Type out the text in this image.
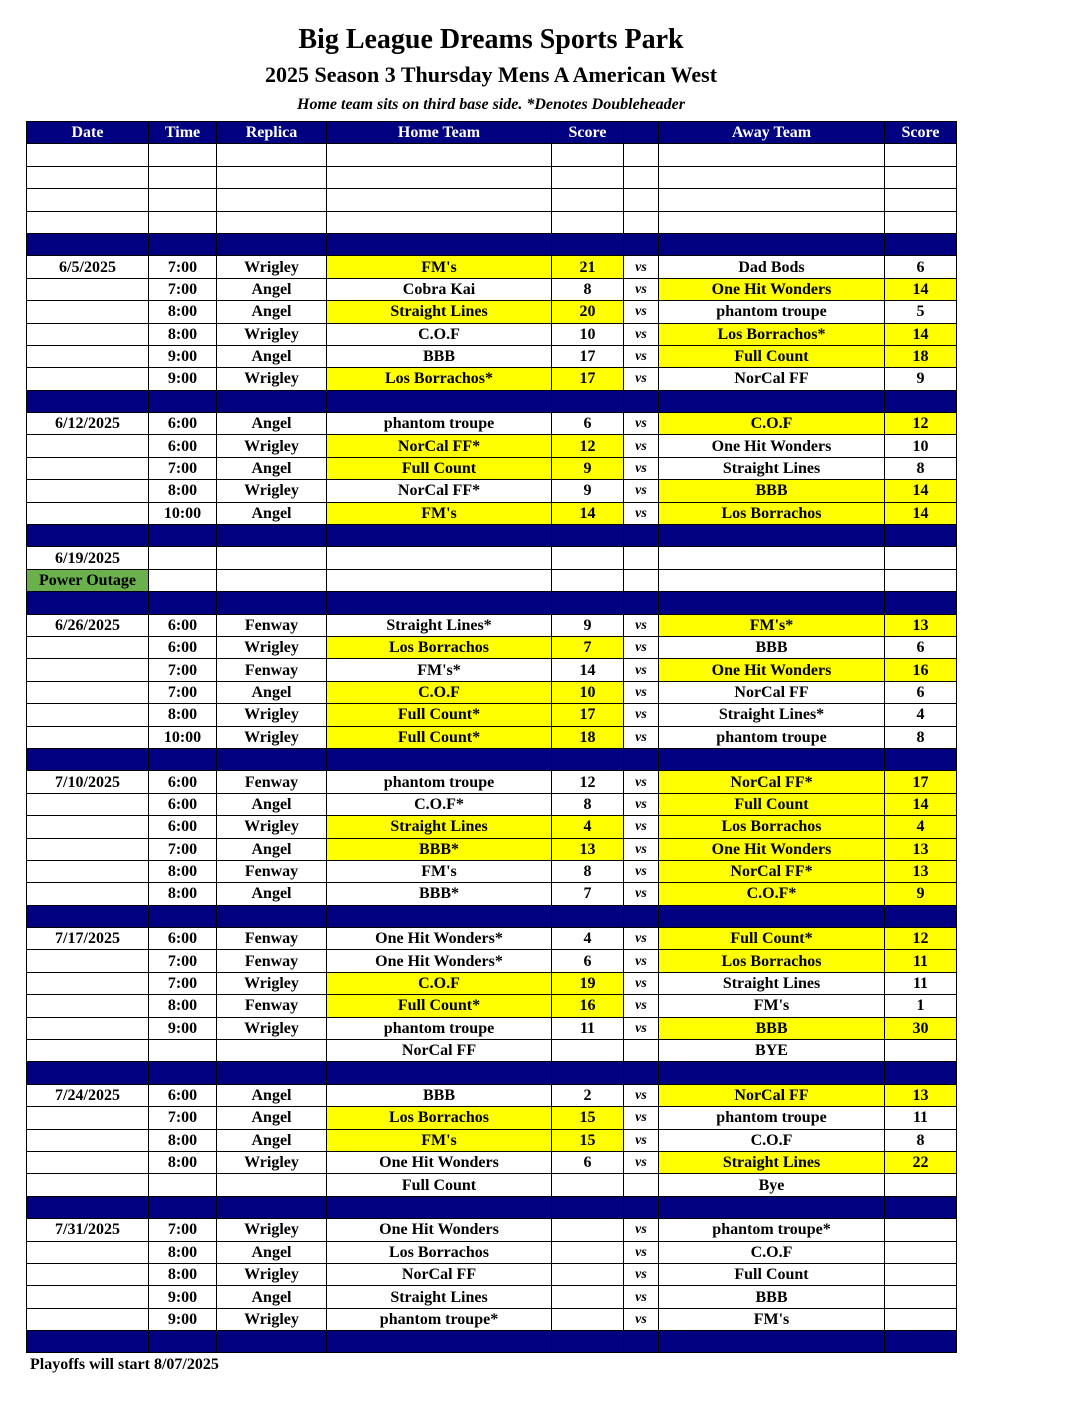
Big League Dreams Sports Park
2025 Season 3 Thursday Mens A American West
Home team sits on third base side. *Denotes Doubleheader
Date	Time	Replica	Home Team	Score		Away Team	Score

6/5/2025	7:00	Wrigley	FM's	21	vs	Dad Bods	6
	7:00	Angel	Cobra Kai	8	vs	One Hit Wonders	14
	8:00	Angel	Straight Lines	20	vs	phantom troupe	5
	8:00	Wrigley	C.O.F	10	vs	Los Borrachos*	14
	9:00	Angel	BBB	17	vs	Full Count	18
	9:00	Wrigley	Los Borrachos*	17	vs	NorCal FF	9

6/12/2025	6:00	Angel	phantom troupe	6	vs	C.O.F	12
	6:00	Wrigley	NorCal FF*	12	vs	One Hit Wonders	10
	7:00	Angel	Full Count	9	vs	Straight Lines	8
	8:00	Wrigley	NorCal FF*	9	vs	BBB	14
	10:00	Angel	FM's	14	vs	Los Borrachos	14

6/19/2025							
Power Outage							

6/26/2025	6:00	Fenway	Straight Lines*	9	vs	FM's*	13
	6:00	Wrigley	Los Borrachos	7	vs	BBB	6
	7:00	Fenway	FM's*	14	vs	One Hit Wonders	16
	7:00	Angel	C.O.F	10	vs	NorCal FF	6
	8:00	Wrigley	Full Count*	17	vs	Straight Lines*	4
	10:00	Wrigley	Full Count*	18	vs	phantom troupe	8

7/10/2025	6:00	Fenway	phantom troupe	12	vs	NorCal FF*	17
	6:00	Angel	C.O.F*	8	vs	Full Count	14
	6:00	Wrigley	Straight Lines	4	vs	Los Borrachos	4
	7:00	Angel	BBB*	13	vs	One Hit Wonders	13
	8:00	Fenway	FM's	8	vs	NorCal FF*	13
	8:00	Angel	BBB*	7	vs	C.O.F*	9

7/17/2025	6:00	Fenway	One Hit Wonders*	4	vs	Full Count*	12
	7:00	Fenway	One Hit Wonders*	6	vs	Los Borrachos	11
	7:00	Wrigley	C.O.F	19	vs	Straight Lines	11
	8:00	Fenway	Full Count*	16	vs	FM's	1
	9:00	Wrigley	phantom troupe	11	vs	BBB	30
			NorCal FF			BYE	

7/24/2025	6:00	Angel	BBB	2	vs	NorCal FF	13
	7:00	Angel	Los Borrachos	15	vs	phantom troupe	11
	8:00	Angel	FM's	15	vs	C.O.F	8
	8:00	Wrigley	One Hit Wonders	6	vs	Straight Lines	22
			Full Count			Bye	

7/31/2025	7:00	Wrigley	One Hit Wonders		vs	phantom troupe*	
	8:00	Angel	Los Borrachos		vs	C.O.F	
	8:00	Wrigley	NorCal FF		vs	Full Count	
	9:00	Angel	Straight Lines		vs	BBB	
	9:00	Wrigley	phantom troupe*		vs	FM's	

Playoffs will start 8/07/2025
